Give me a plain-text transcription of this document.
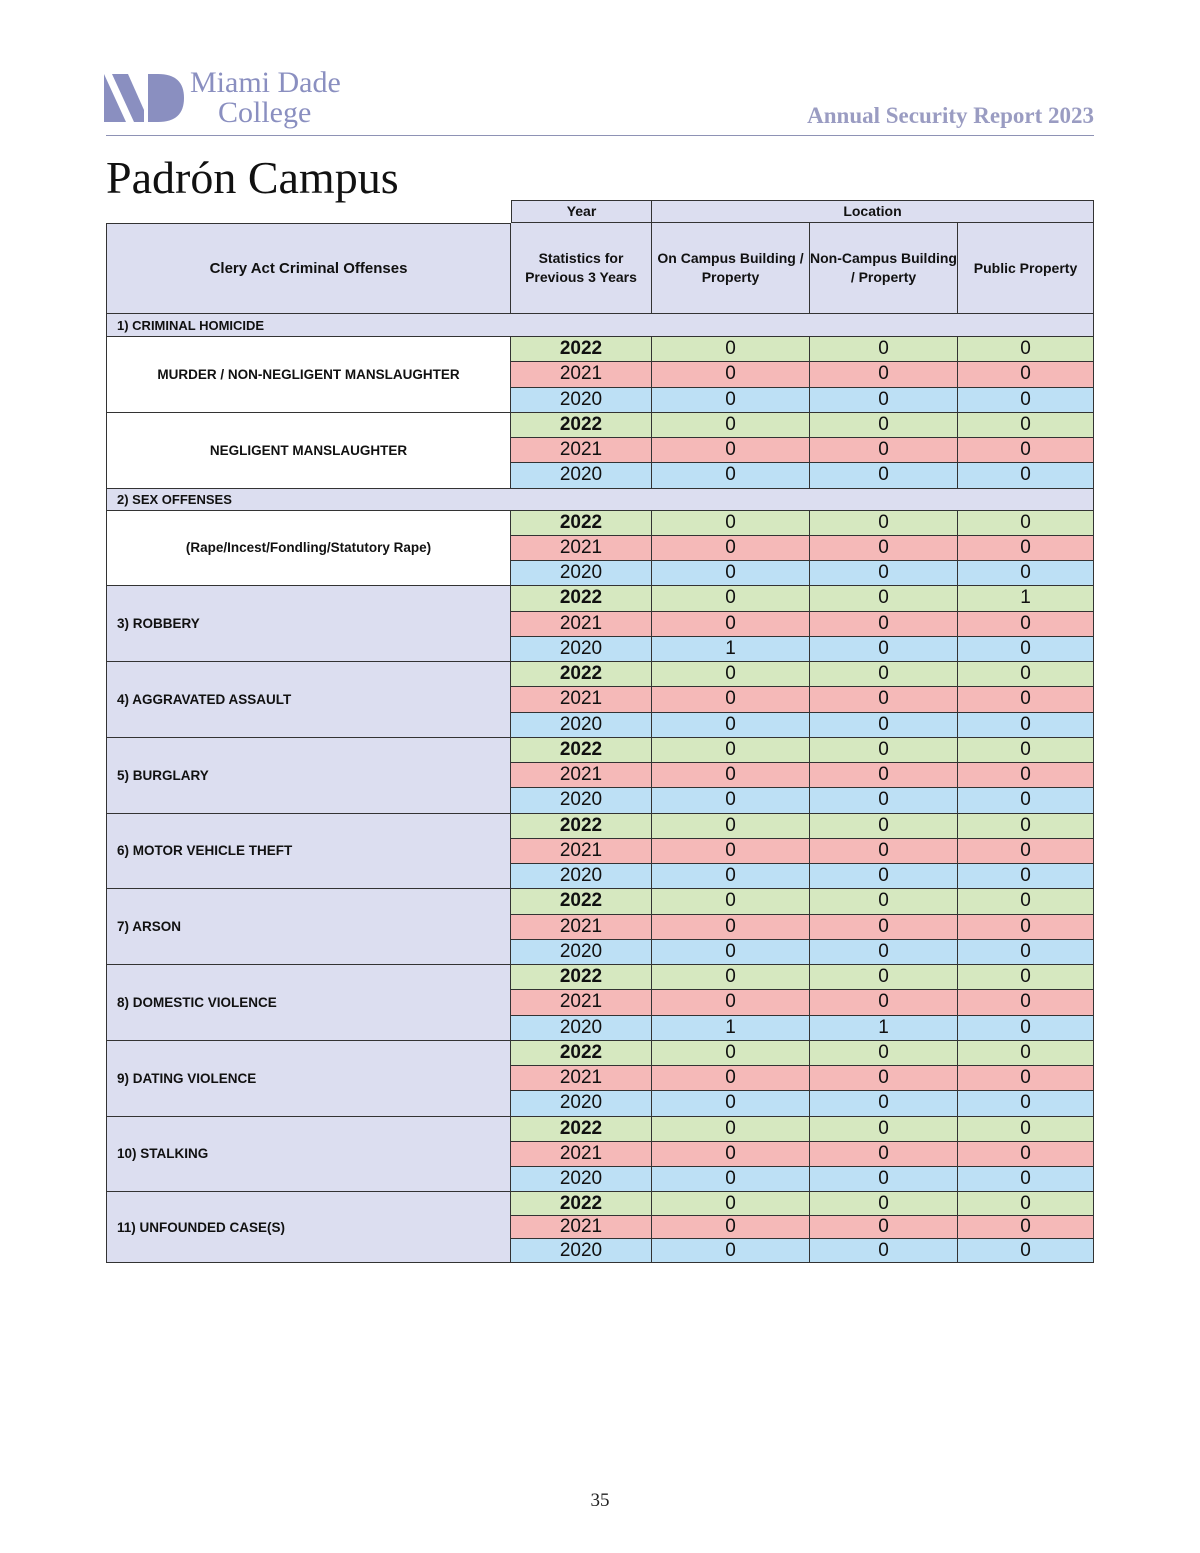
Miami Dade
College	Annual Security Report 2023
Padrón Campus
Year	Location
Clery Act Criminal Offenses
Statistics for Previous 3 Years
On Campus Building / Property
Non-Campus Building / Property
Public Property
1) CRIMINAL HOMICIDE
MURDER / NON-NEGLIGENT MANSLAUGHTER
2022	0	0	0
2021	0	0	0
2020	0	0	0
NEGLIGENT MANSLAUGHTER
2022	0	0	0
2021	0	0	0
2020	0	0	0
2) SEX OFFENSES
(Rape/Incest/Fondling/Statutory Rape)
2022	0	0	0
2021	0	0	0
2020	0	0	0
3) ROBBERY
2022	0	0	1
2021	0	0	0
2020	1	0	0
4) AGGRAVATED ASSAULT
2022	0	0	0
2021	0	0	0
2020	0	0	0
5) BURGLARY
2022	0	0	0
2021	0	0	0
2020	0	0	0
6) MOTOR VEHICLE THEFT
2022	0	0	0
2021	0	0	0
2020	0	0	0
7) ARSON
2022	0	0	0
2021	0	0	0
2020	0	0	0
8) DOMESTIC VIOLENCE
2022	0	0	0
2021	0	0	0
2020	1	1	0
9) DATING VIOLENCE
2022	0	0	0
2021	0	0	0
2020	0	0	0
10) STALKING
2022	0	0	0
2021	0	0	0
2020	0	0	0
11) UNFOUNDED CASE(S)
2022	0	0	0
2021	0	0	0
2020	0	0	0
35
